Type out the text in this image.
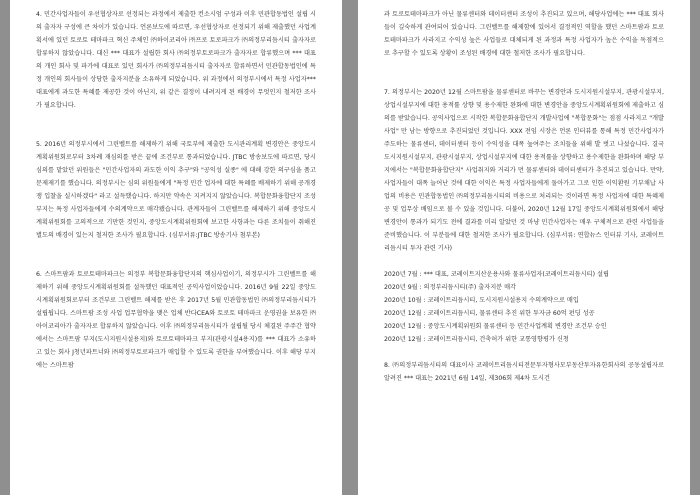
4. 민간사업자들이 우선협상자로 선정되는 과정에서 제출한 컨소시엄 구성과 이후 민관합동법인 설립 시의 출자자 구성에 큰 차이가 있습니다. 언론보도에 따르면, 우선협상자로 선정되기 위해 제출했던 사업계획서에 있던 토로토 테마파크 혁신 주체인 ㈜하이코리아 ㈜프로 토로파크가 ㈜의정부리듬시티 출자자로 합류하지 않았습니다. 대신 *** 대표가 설립한 회사 ㈜의정부토로파크가 출자자로 합류했으며 *** 대표의 개인 회사 및 파가에 대표로 있던 회사가 ㈜의정부리듬시티 출자자로 합류하면서 민관합동법인에 특정 개인의 회사들이 상당한 출자지분을 소유하게 되었습니다. 위 과정에서 의정부시에서 특정 사업자***대표에게 과도한 특혜를 제공한 것이 아닌지, 위 같은 결정이 내려지게 된 배경이 무엇인지 철저한 조사가 필요합니다.

5. 2016년 의정부시에서 그린벨트를 해제하기 위해 국토부에 제출한 도시관리계획 변경안은 중앙도시계획위원회로부터 3차례 재심의를 받은 끝에 조건부로 통과되었습니다. JTBC 방송보도에 따르면, 당시 심의를 맡았던 위원들은 "민간사업자의 과도한 이익 추구"와 "공익성 실종" 에 대해 강한 의구심을 품고 문제제기를 했습니다. 의정부시는 심의 위원들에게 "특정 민간 업자에 대한 특혜를 배제하기 위해 공개경쟁 입찰을 실시하겠다" 라고 설득했습니다. 하지만 약속은 지켜지지 않았습니다. 복합문화융합단지 조성부지는 특정 사업자들에게 수의계약으로 매각됐습니다. 관계자들이 그린벨트를 해제하기 위해 중앙도시계획위원회를 고의적으로 기만한 것인지, 중앙도시계획위원회에 보고한 사항과는 다른 조치들이 취해진 별도의 배경이 있는지 철저한 조사가 필요합니다. (심부서류:JTBC 방송기사 첨부본)

6. 스마트팜과 토로토테마파크는 의정부 복합문화융합단지의 핵심사업이기, 의정부시가 그린벨트를 해제하기 위해 중앙도시계획위원회를 설득했던 대표적인 공익사업이었습니다. 2016년 9월 22일 중앙도시계획위원회로부터 조건부로 그린벨트 해제를 받은 후 2017년 5월 민관합동법인 ㈜의정부리듬시티가 설립됩니다. 스마트팜 조성 사업 업무협약을 맺은 업체 반다CEA와 토로토 테마파크 운영권을 보유한 ㈜아이코리아가 출자자로 합류하지 않았습니다. 이후 ㈜의정부리듬시티가 설립될 당시 체결된 주주간 협약에서는 스마트팜 부지(도시지원시설용지)와 토로토테마파크 부지(관광시설4용지)를 *** 대표가 소유하고 있는 회사 J청년파트너와 ㈜의정부토로파크가 매입할 수 있도록 권한을 부여했습니다. 이후 해당 부지에는 스마트팜

과 토로토테마파크가 아닌 물류센터와 데이터센터 조성이 추진되고 있으며, 해당사업에는 *** 대표 회사들이 깊숙하게 관여되어 있습니다. 그린벨트를 해제함에 있어서 결정적인 역할을 했던 스마트팜과 토로토테마파크가 사라지고 수익성 높은 사업들로 대체되게 된 과정과 특정 사업자가 높은 수익을 독점적으로 추구할 수 있도록 상황이 조성된 배경에 대한 철저한 조사가 필요합니다.

7. 의정부시는 2020년 12월 스마트팜을 물류센터로 바꾸는 변경안과 도시지원시설부지, 관광시설부지, 상업시설부지에 대한 용적률 상향 및 용수제한 완화에 대한 변경안을 중앙도시계획위원회에 제출하고 심의를 받았습니다. 공익사업으로 시작한 복합문화융합단지 개발사업에 "복합문화"는 점점 사라지고 "개발사업" 만 남는 방향으로 추진되었던 것입니다. XXX 전임 시장은 언론 인터뷰를 통해 특정 민간사업자가 주도하는 물류센터, 데이터센터 등이 수익성을 대폭 높여주는 조치들을 위해 발 벗고 나섰습니다. 결국 도시지원시설부지, 관광시설부지, 상업시설부지에 대한 용적률을 상향하고 용수제한을 완화하며 해당 부지에서는 "복합문화융합단지" 사업취지와 거리가 먼 물류센터와 데이터센터가 추진되고 있습니다. 만약, 사업자들이 대폭 늘어난 것에 대한 이익은 특정 사업자들에게 돌아가고 그로 인한 이익환원 기부채납 사업의 비용은 민관합동법인 ㈜의정부리듬시티의 비용으로 처리되는 것이라면 특정 사업자에 대한 특혜제공 및 업무상 배임으로 볼 수 있을 것입니다. 더불어, 2020년 12월 17일 중앙도시계획위원회에서 해당 변경안이 통과가 되기도 전에 결과를 미리 알았던 것 마냥 민간사업자는 매우 구체적으로 관련 사업들을 준비했습니다. 이 부분들에 대한 철저한 조사가 필요합니다. (심부서류: 연합뉴스 인터뷰 기사, 코레이트리듬시티 투자 관련 기사)

2020년 7월 : *** 대표, 코레이트지산운용사와 물류사업자(코레이트리듬시티) 설립
2020년 9월 : 의정부리듬시티(주) 출자지분 매각
2020년 10월 : 코레이트리듬시티, 도시지원시설용지 수의계약으로 매입
2020년 12월 : 코레이트리듬시티, 물류센터 추진 위한 투자금 60억 펀딩 성공
2020년 12월 : 중앙도시계획위원회 물류센터 등 민간사업계획 변경안 조건부 승인
2020년 12월 : 코레이트리듬시티, 건축허가 위한 교통영향평가 신청

8. ㈜의정부리듬시티의 대표이사 코레이트리듬시티전문투자형사모부동산투자유한회사의 공동설립자로 알려진 *** 대표는 2021년 6월 14일, 제306회 제4차 도시건
